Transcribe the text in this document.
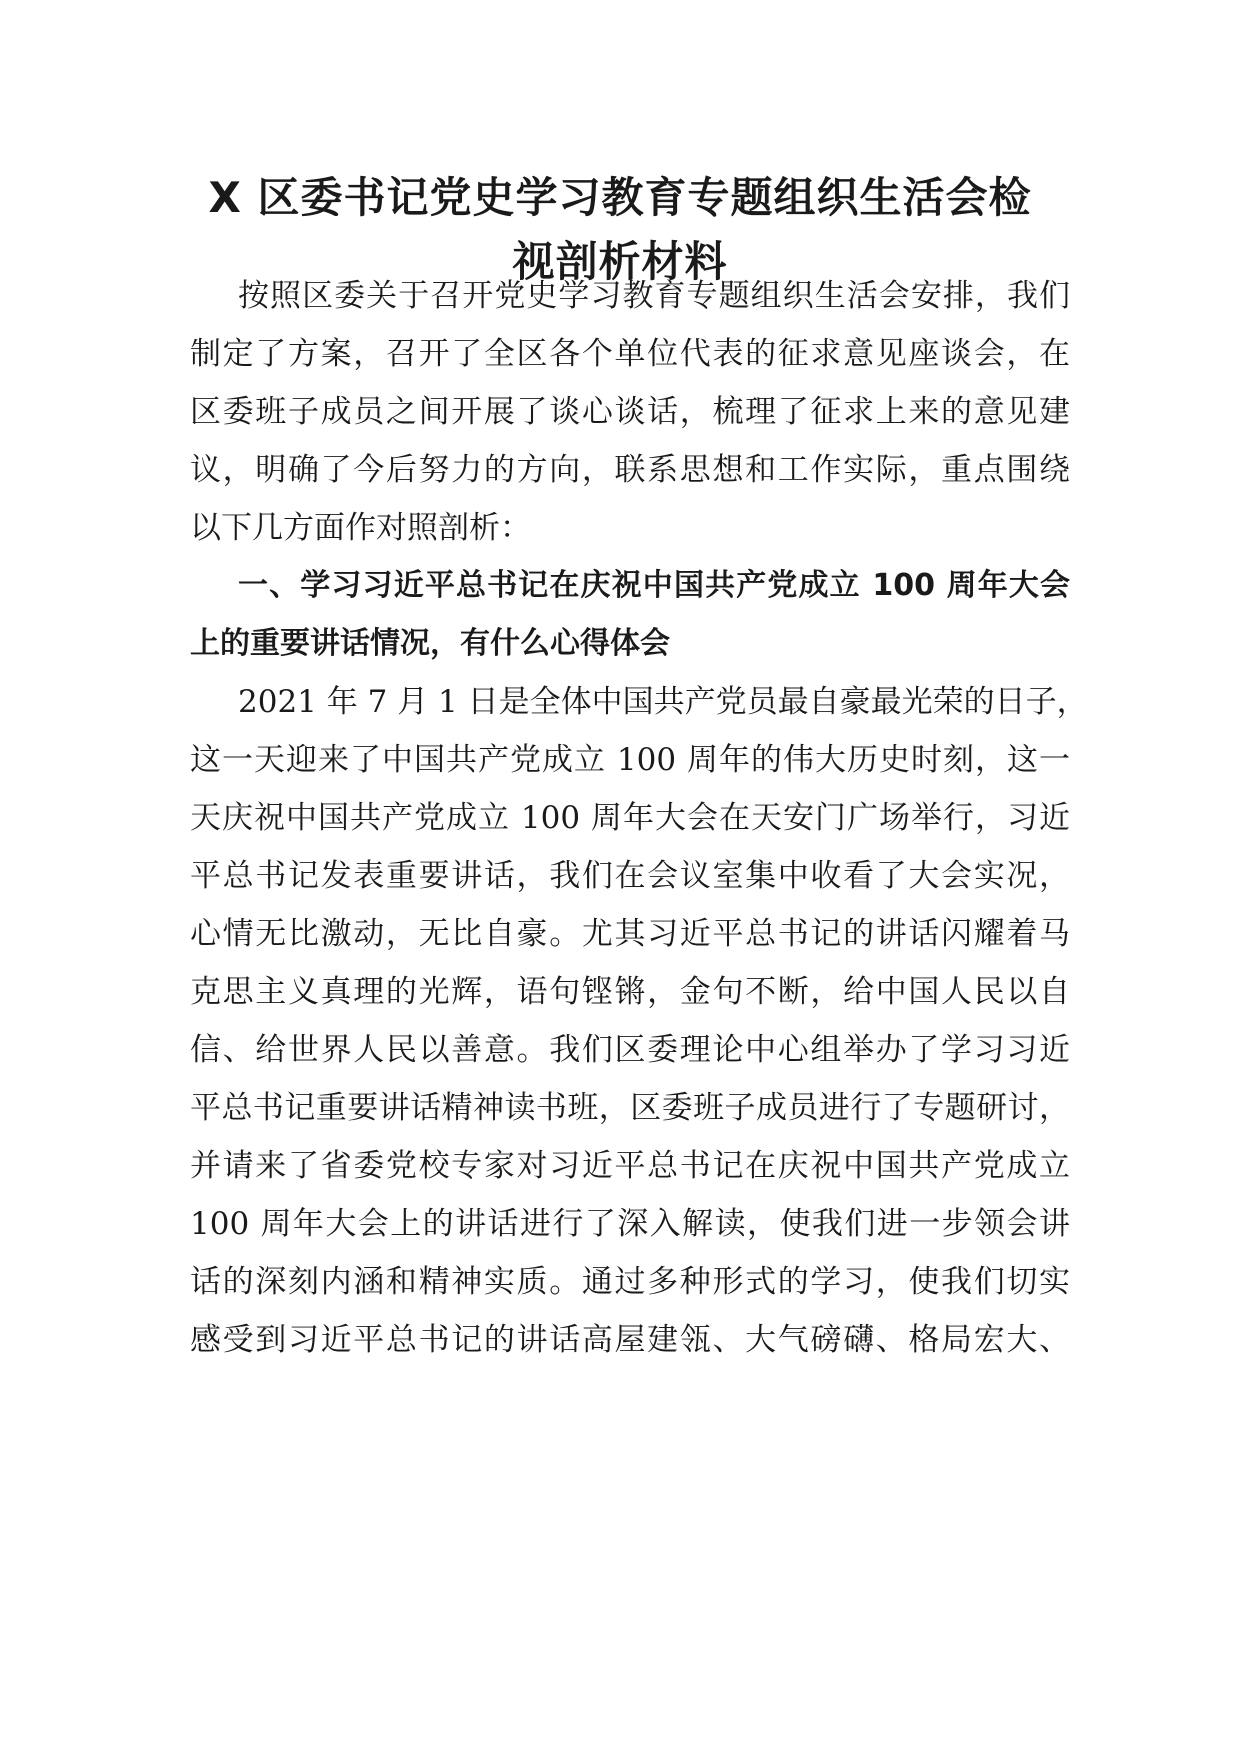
X 区委书记党史学习教育专题组织生活会检
视剖析材料
按照区委关于召开党史学习教育专题组织生活会安排，我们
制定了方案，召开了全区各个单位代表的征求意见座谈会，在
区委班子成员之间开展了谈心谈话，梳理了征求上来的意见建
议，明确了今后努力的方向，联系思想和工作实际，重点围绕
以下几方面作对照剖析：
一、学习习近平总书记在庆祝中国共产党成立 100 周年大会
上的重要讲话情况，有什么心得体会
2021 年 7 月 1 日是全体中国共产党员最自豪最光荣的日子，
这一天迎来了中国共产党成立 100 周年的伟大历史时刻，这一
天庆祝中国共产党成立 100 周年大会在天安门广场举行，习近
平总书记发表重要讲话，我们在会议室集中收看了大会实况，
心情无比激动，无比自豪。尤其习近平总书记的讲话闪耀着马
克思主义真理的光辉，语句铿锵，金句不断，给中国人民以自
信、给世界人民以善意。我们区委理论中心组举办了学习习近
平总书记重要讲话精神读书班，区委班子成员进行了专题研讨，
并请来了省委党校专家对习近平总书记在庆祝中国共产党成立
100 周年大会上的讲话进行了深入解读，使我们进一步领会讲
话的深刻内涵和精神实质。通过多种形式的学习，使我们切实
感受到习近平总书记的讲话高屋建瓴、大气磅礴、格局宏大、
